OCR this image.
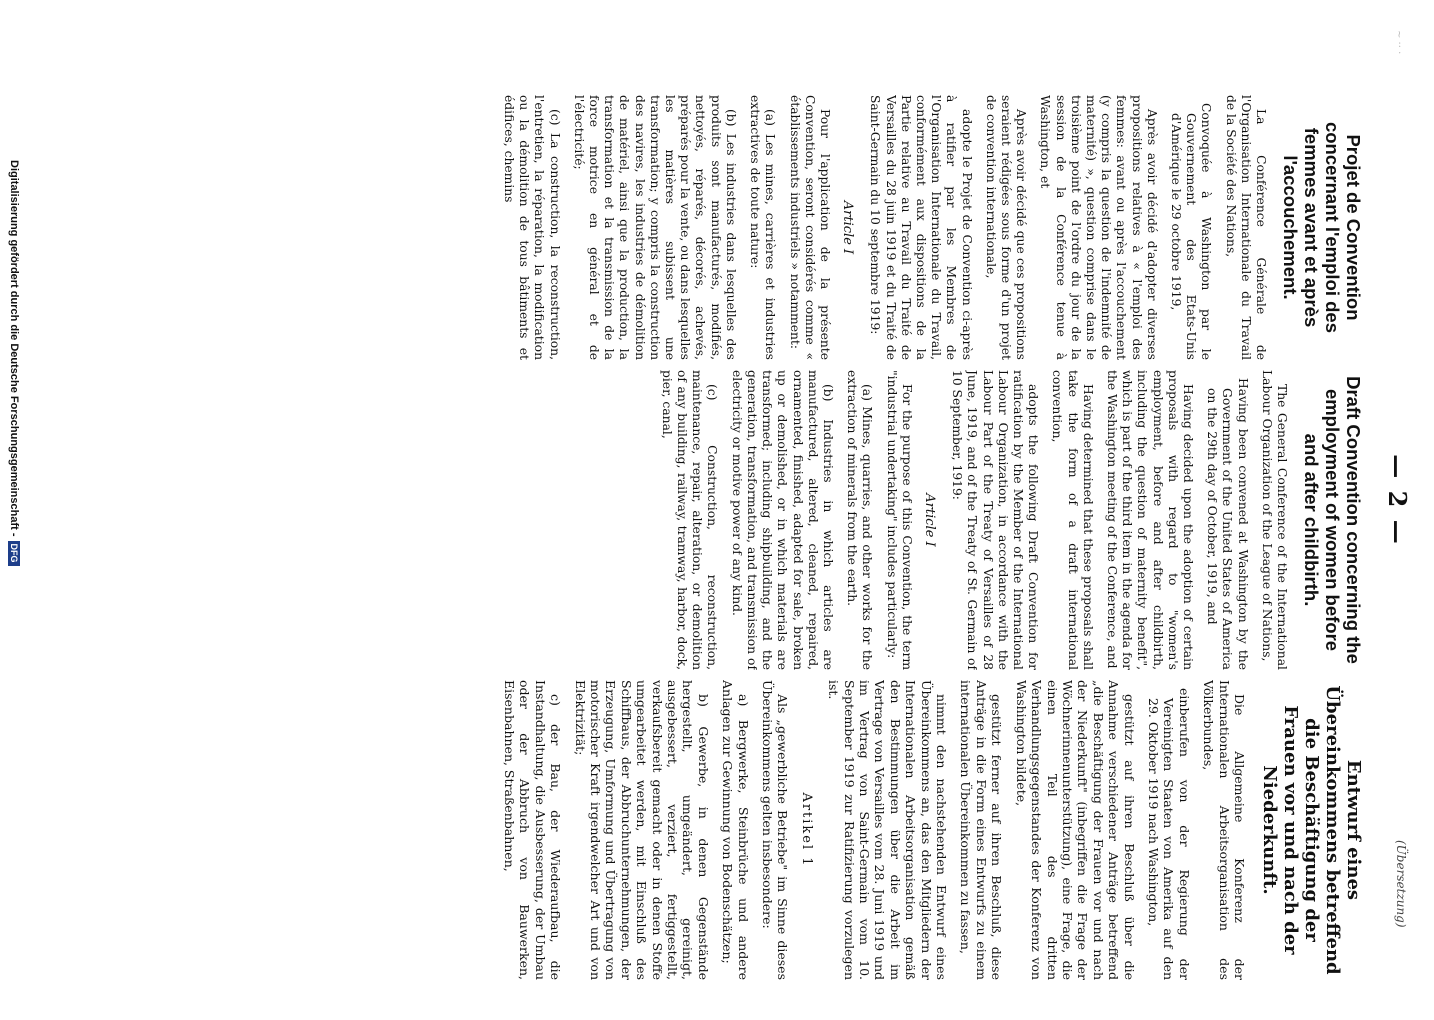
~ ·· ·
— 2 —
(Übersetzung)
Projet de Convention concernant l'emploi des femmes avant et après l'accouchement.

La Conférence Générale de l'Organisation Internationale du Travail de la Société des Nations,

Convoquée à Washington par le Gouvernement des Etats-Unis d'Amérique le 29 octobre 1919,

Après avoir décidé d'adopter diverses propositions relatives à « l'emploi des femmes: avant ou après l'accouchement (y compris la question de l'indemnité de maternité) », question comprise dans le troisième point de l'ordre du jour de la session de la Conférence tenue à Washington, et

Après avoir décidé que ces propositions seraient rédigées sous forme d'un projet de convention internationale,

adopte le Projet de Convention ci-après à ratifier par les Membres de l'Organisation Internationale du Travail, conformément aux dispositions de la Partie relative au Travail du Traité de Versailles du 28 juin 1919 et du Traité de Saint-Germain du 10 septembre 1919:

Article I

Pour l'application de la présente Convention, seront considérés comme « établissements industriels » notamment:

(a) Les mines, carrières et industries extractives de toute nature:

(b) Les industries dans lesquelles des produits sont manufacturés, modifiés, nettoyés, réparés, décorés, achevés, préparés pour la vente, ou dans lesquelles les matières subissent une transformation; y compris la construction des navires, les industries de démolition de matériel, ainsi que la production, la transformation et la transmission de la force motrice en général et de l'électricité;

(c) La construction, la reconstruction, l'entretien, la réparation, la modification ou la démolition de tous bâtiments et édifices, chemins

Draft Convention concerning the employment of women before and after childbirth.

The General Conference of the International Labour Organization of the League of Nations,

Having been convened at Washington by the Government of the United States of America on the 29th day of October, 1919, and

Having decided upon the adoption of certain proposals with regard to "women's employment, before and after childbirth, including the question of maternity benefit", which is part of the third item in the agenda for the Washington meeting of the Conference, and

Having determined that these proposals shall take the form of a draft international convention,

adopts the following Draft Convention for ratification by the Member of the International Labour Organization, in accordance with the Labour Part of the Treaty of Versailles of 28 June, 1919, and of the Treaty of St. Germain of 10 September, 1919:

Article I

For the purpose of this Convention, the term "industrial undertaking" includes particularly:

(a) Mines, quarries, and other works for the extraction of minerals from the earth.

(b) Industries in which articles are manufactured, altered, cleaned, repaired, ornamented, finished, adapted for sale, broken up or demolished, or in which materials are transformed; including shipbuilding, and the generation, transformation, and transmission of electricity or motive power of any kind.

(c) Construction, reconstruction, maintenance, repair, alteration, or demolition of any building, railway, tramway, harbor, dock, pier, canal,

Entwurf eines Übereinkommens betreffend die Beschäftigung der Frauen vor und nach der Niederkunft.

Die Allgemeine Konferenz der Internationalen Arbeitsorganisation des Völkerbundes,

einberufen von der Regierung der Vereinigten Staaten von Amerika auf den 29. Oktober 1919 nach Washington,

gestützt auf ihren Beschluß über die Annahme verschiedener Anträge betreffend „die Beschäftigung der Frauen vor und nach der Niederkunft" (inbegriffen die Frage der Wöchnerinnenunterstützung), eine Frage, die einen Teil des dritten Verhandlungsgegenstandes der Konferenz von Washington bildete,

gestützt ferner auf ihren Beschluß, diese Anträge in die Form eines Entwurfs zu einem internationalen Übereinkommen zu fassen,

nimmt den nachstehenden Entwurf eines Übereinkommens an, das den Mitgliedern der Internationalen Arbeitsorganisation gemäß den Bestimmungen über die Arbeit im Vertrage von Versailles vom 28. Juni 1919 und im Vertrag von Saint-Germain vom 10. September 1919 zur Ratifizierung vorzulegen ist.

Artikel 1

Als „gewerbliche Betriebe" im Sinne dieses Übereinkommens gelten insbesondere:

a) Bergwerke, Steinbrüche und andere Anlagen zur Gewinnung von Bodenschätzen;

b) Gewerbe, in denen Gegenstände hergestellt, umgeändert, gereinigt, ausgebessert, verziert, fertiggestellt, verkaufsbereit gemacht oder in denen Stoffe umgearbeitet werden, mit Einschluß des Schiffbaus, der Abbruchunternehmungen, der Erzeugung, Umformung und Übertragung von motorischer Kraft irgendwelcher Art und von Elektrizität;

c) der Bau, der Wiederaufbau, die Instandhaltung, die Ausbesserung, der Umbau oder der Abbruch von Bauwerken, Eisenbahnen, Straßenbahnen,

Digitalisierung gefördert durch die Deutsche Forschungsgemeinschaft -DFG
